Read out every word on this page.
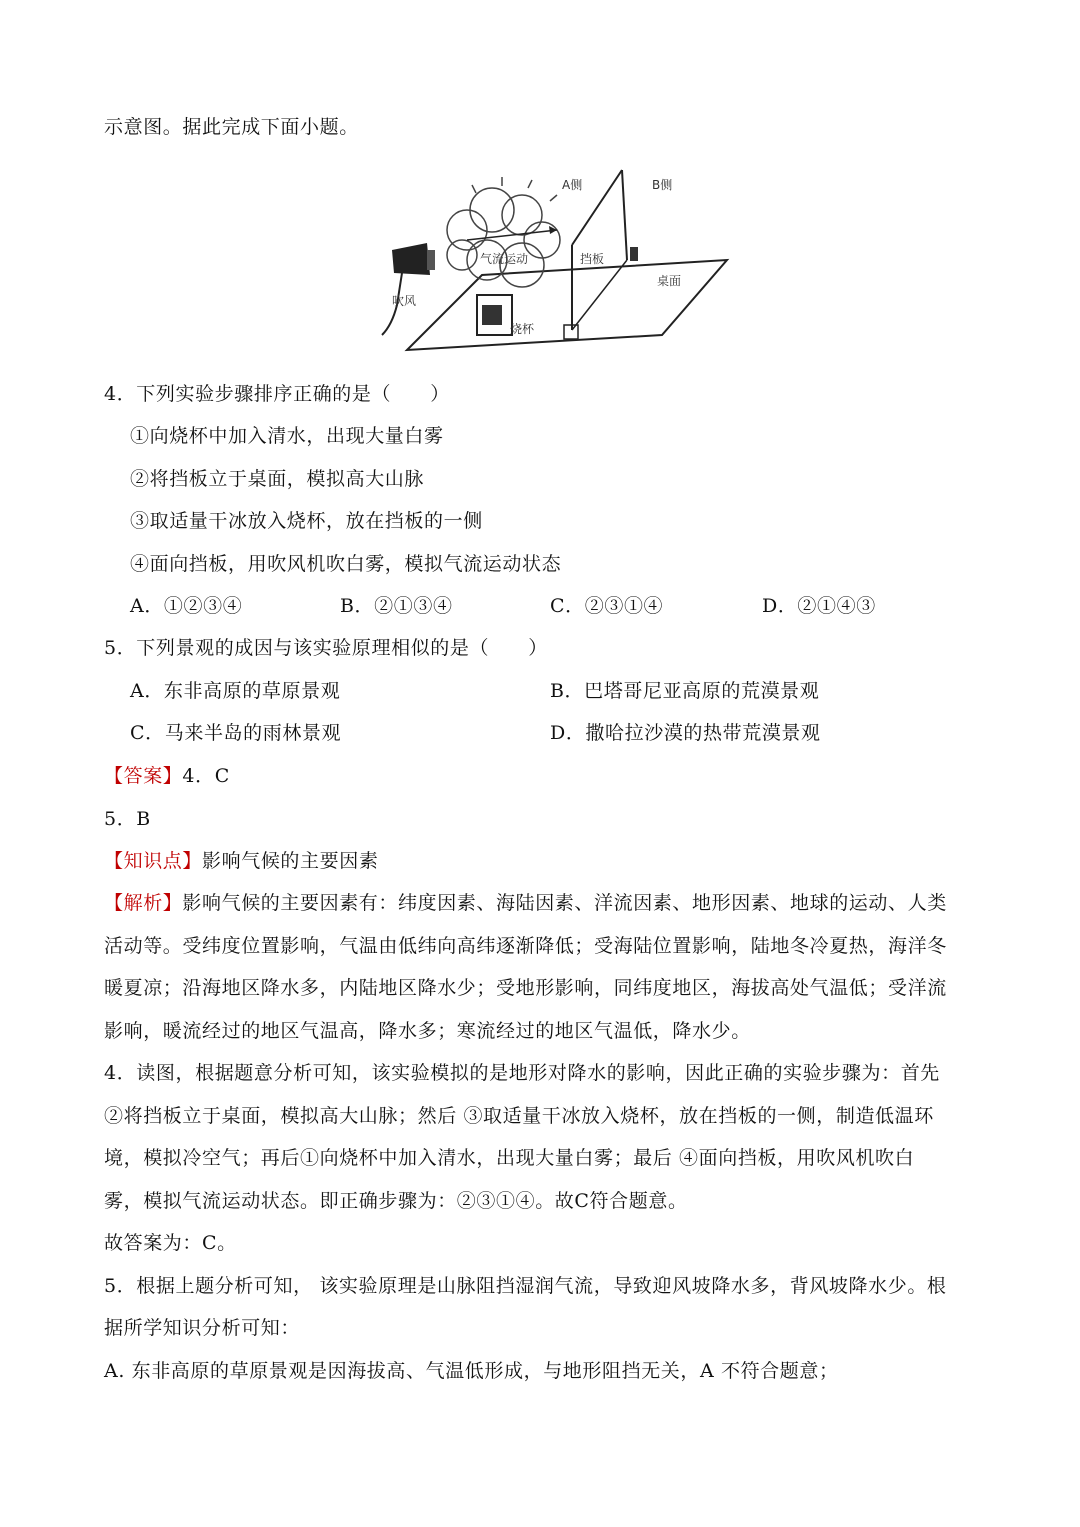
示意图。据此完成下面小题。
A侧	B侧
气流运动	挡板
桌面
吹风
烧杯
4．下列实验步骤排序正确的是（　　）
①向烧杯中加入清水，出现大量白雾
②将挡板立于桌面，模拟高大山脉
③取适量干冰放入烧杯，放在挡板的一侧
④面向挡板，用吹风机吹白雾，模拟气流运动状态
A．①②③④	B．②①③④	C．②③①④	D．②①④③
5．下列景观的成因与该实验原理相似的是（　　）
A．东非高原的草原景观	B．巴塔哥尼亚高原的荒漠景观
C．马来半岛的雨林景观	D．撒哈拉沙漠的热带荒漠景观
【答案】4．C
5．B
【知识点】影响气候的主要因素
【解析】影响气候的主要因素有：纬度因素、海陆因素、洋流因素、地形因素、地球的运动、人类
活动等。受纬度位置影响，气温由低纬向高纬逐渐降低；受海陆位置影响，陆地冬冷夏热，海洋冬
暖夏凉；沿海地区降水多，内陆地区降水少；受地形影响，同纬度地区，海拔高处气温低；受洋流
影响，暖流经过的地区气温高，降水多；寒流经过的地区气温低，降水少。
4．读图，根据题意分析可知，该实验模拟的是地形对降水的影响，因此正确的实验步骤为：首先
②将挡板立于桌面，模拟高大山脉；然后 ③取适量干冰放入烧杯，放在挡板的一侧，制造低温环
境，模拟冷空气；再后①向烧杯中加入清水，出现大量白雾；最后 ④面向挡板，用吹风机吹白
雾，模拟气流运动状态。即正确步骤为：②③①④。故C符合题意。
故答案为：C。
5．根据上题分析可知， 该实验原理是山脉阻挡湿润气流，导致迎风坡降水多，背风坡降水少。根
据所学知识分析可知：
A. 东非高原的草原景观是因海拔高、气温低形成，与地形阻挡无关，A 不符合题意；
